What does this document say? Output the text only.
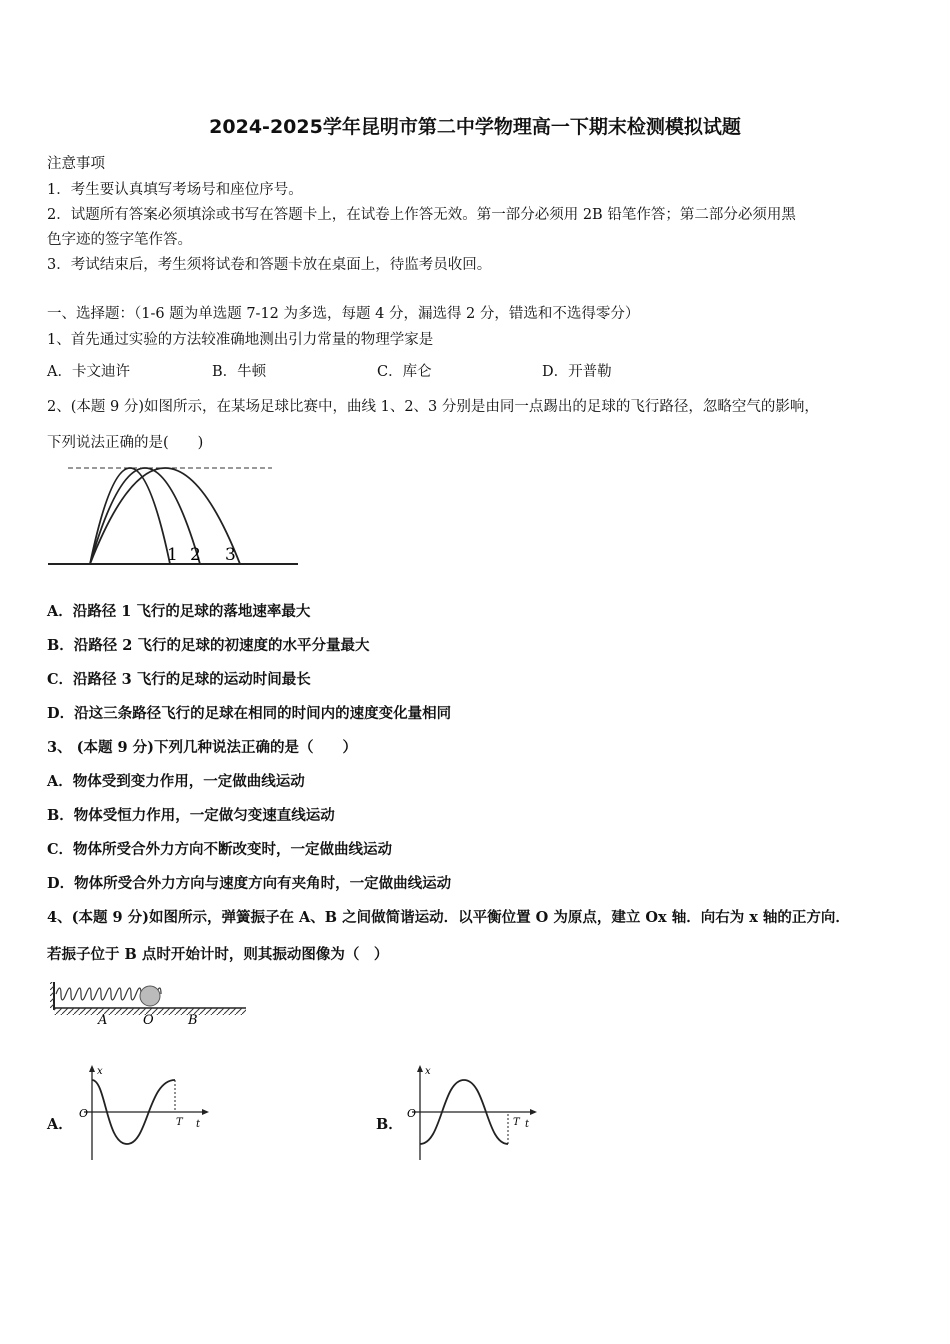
2024-2025学年昆明市第二中学物理高一下期末检测模拟试题
注意事项
1．考生要认真填写考场号和座位序号。
2．试题所有答案必须填涂或书写在答题卡上，在试卷上作答无效。第一部分必须用 2B 铅笔作答；第二部分必须用黑
色字迹的签字笔作答。
3．考试结束后，考生须将试卷和答题卡放在桌面上，待监考员收回。
一、选择题：（1-6 题为单选题 7-12 为多选，每题 4 分，漏选得 2 分，错选和不选得零分）
1、首先通过实验的方法较准确地测出引力常量的物理学家是
A．卡文迪许	B．牛顿	C．库仑	D．开普勒
2、(本题 9 分)如图所示，在某场足球比赛中，曲线 1、2、3 分别是由同一点踢出的足球的飞行路径，忽略空气的影响，
下列说法正确的是(　　)
1 2 3
A．沿路径 1 飞行的足球的落地速率最大
B．沿路径 2 飞行的足球的初速度的水平分量最大
C．沿路径 3 飞行的足球的运动时间最长
D．沿这三条路径飞行的足球在相同的时间内的速度变化量相同
3、 (本题 9 分)下列几种说法正确的是（　　）
A．物体受到变力作用，一定做曲线运动
B．物体受恒力作用，一定做匀变速直线运动
C．物体所受合外力方向不断改变时，一定做曲线运动
D．物体所受合外力方向与速度方向有夹角时，一定做曲线运动
4、(本题 9 分)如图所示，弹簧振子在 A、B 之间做简谐运动．以平衡位置 O 为原点，建立 Ox 轴．向右为 x 轴的正方向．
若振子位于 B 点时开始计时，则其振动图像为（　）
A	O	B
A．
x
O
T t	B．
x
O
T t
